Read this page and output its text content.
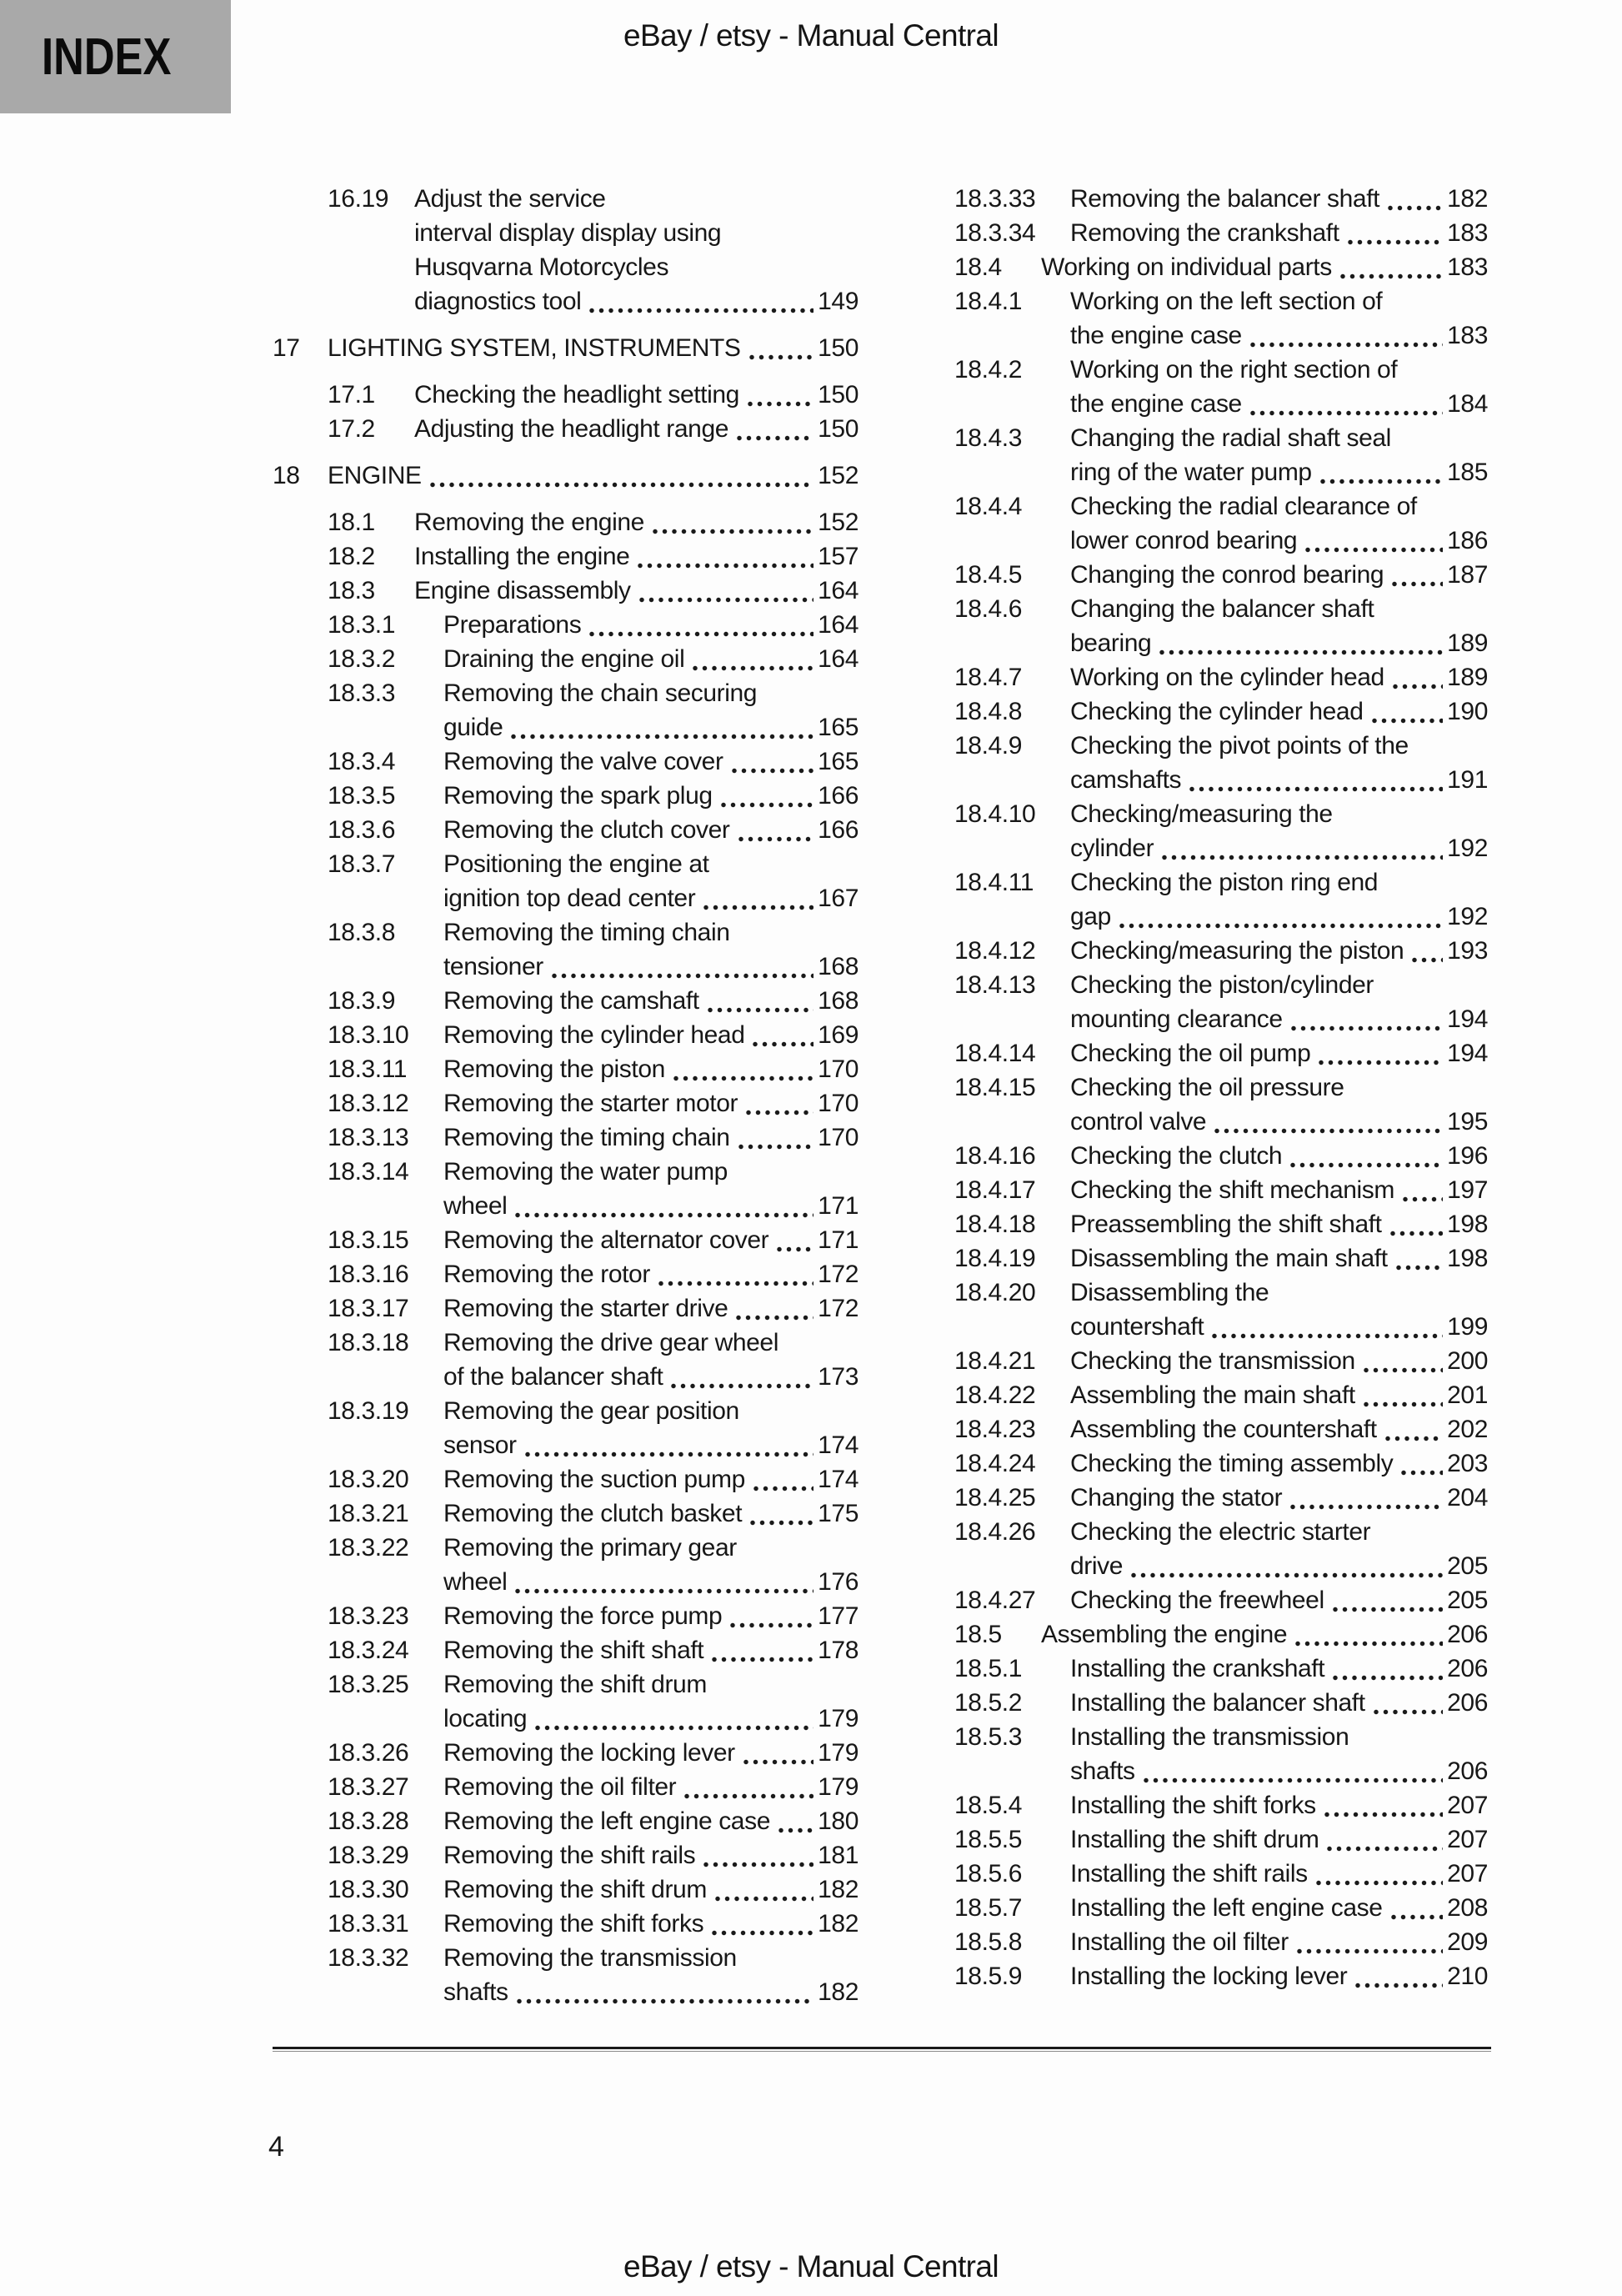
INDEX	eBay / etsy - Manual Central
16.19	Adjust the service
interval display display using
Husqvarna Motorcycles
diagnostics tool	149
17	LIGHTING SYSTEM, INSTRUMENTS	150
17.1	Checking the headlight setting	150
17.2	Adjusting the headlight range	150
18	ENGINE	152
18.1	Removing the engine	152
18.2	Installing the engine	157
18.3	Engine disassembly	164
18.3.1	Preparations	164
18.3.2	Draining the engine oil	164
18.3.3	Removing the chain securing
guide	165
18.3.4	Removing the valve cover	165
18.3.5	Removing the spark plug	166
18.3.6	Removing the clutch cover	166
18.3.7	Positioning the engine at
ignition top dead center	167
18.3.8	Removing the timing chain
tensioner	168
18.3.9	Removing the camshaft	168
18.3.10	Removing the cylinder head	169
18.3.11	Removing the piston	170
18.3.12	Removing the starter motor	170
18.3.13	Removing the timing chain	170
18.3.14	Removing the water pump
wheel	171
18.3.15	Removing the alternator cover 171
18.3.16	Removing the rotor	172
18.3.17	Removing the starter drive	172
18.3.18	Removing the drive gear wheel
of the balancer shaft	173
18.3.19	Removing the gear position
sensor	174
18.3.20	Removing the suction pump	174
18.3.21	Removing the clutch basket	175
18.3.22	Removing the primary gear
wheel	176
18.3.23	Removing the force pump	177
18.3.24	Removing the shift shaft	178
18.3.25	Removing the shift drum
locating	179
18.3.26	Removing the locking lever	179
18.3.27	Removing the oil filter	179
18.3.28	Removing the left engine case 180
18.3.29	Removing the shift rails	181
18.3.30	Removing the shift drum	182
18.3.31	Removing the shift forks	182
18.3.32	Removing the transmission
shafts	182
18.3.33	Removing the balancer shaft	182
18.3.34	Removing the crankshaft	183
18.4	Working on individual parts	183
18.4.1	Working on the left section of
the engine case	183
18.4.2	Working on the right section of
the engine case	184
18.4.3	Changing the radial shaft seal
ring of the water pump	185
18.4.4	Checking the radial clearance of
lower conrod bearing	186
18.4.5	Changing the conrod bearing	187
18.4.6	Changing the balancer shaft
bearing	189
18.4.7	Working on the cylinder head	189
18.4.8	Checking the cylinder head	190
18.4.9	Checking the pivot points of the
camshafts	191
18.4.10	Checking/measuring the
cylinder	192
18.4.11	Checking the piston ring end
gap	192
18.4.12	Checking/measuring the piston 193
18.4.13	Checking the piston/cylinder
mounting clearance	194
18.4.14	Checking the oil pump	194
18.4.15	Checking the oil pressure
control valve	195
18.4.16	Checking the clutch	196
18.4.17	Checking the shift mechanism 197
18.4.18	Preassembling the shift shaft	198
18.4.19	Disassembling the main shaft 198
18.4.20	Disassembling the
countershaft	199
18.4.21	Checking the transmission	200
18.4.22	Assembling the main shaft	201
18.4.23	Assembling the countershaft	202
18.4.24	Checking the timing assembly 203
18.4.25	Changing the stator	204
18.4.26	Checking the electric starter
drive	205
18.4.27	Checking the freewheel	205
18.5	Assembling the engine	206
18.5.1	Installing the crankshaft	206
18.5.2	Installing the balancer shaft	206
18.5.3	Installing the transmission
shafts	206
18.5.4	Installing the shift forks	207
18.5.5	Installing the shift drum	207
18.5.6	Installing the shift rails	207
18.5.7	Installing the left engine case	208
18.5.8	Installing the oil filter	209
18.5.9	Installing the locking lever	210
4
eBay / etsy - Manual Central
